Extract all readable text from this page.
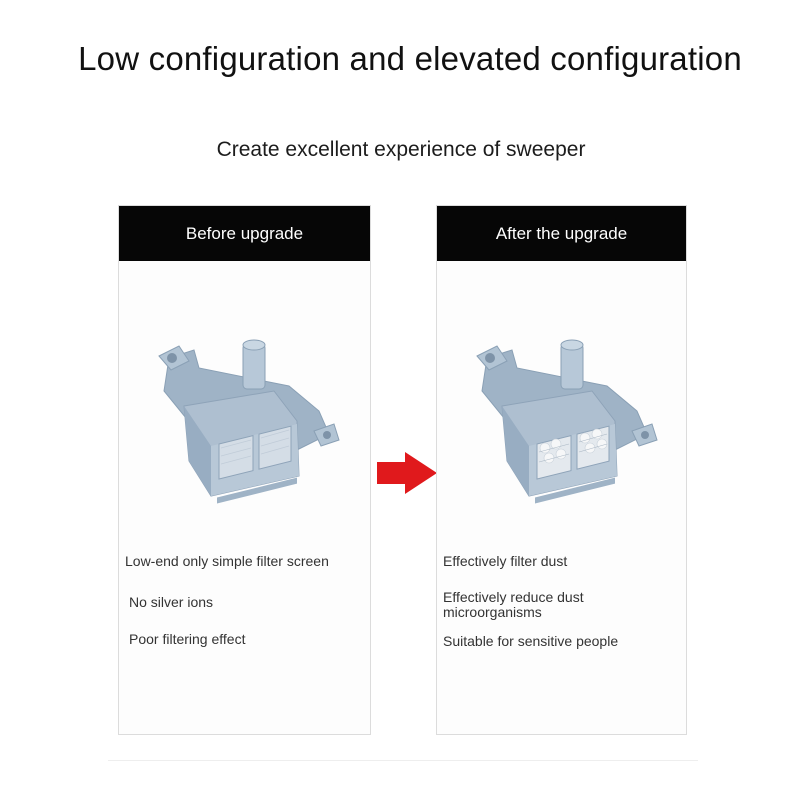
Low configuration and elevated configuration
Create excellent experience of sweeper
Before upgrade
Low-end only simple filter screen
No silver ions
Poor filtering effect
After the upgrade
Effectively filter dust
Effectively reduce dust microorganisms
Suitable for sensitive people
